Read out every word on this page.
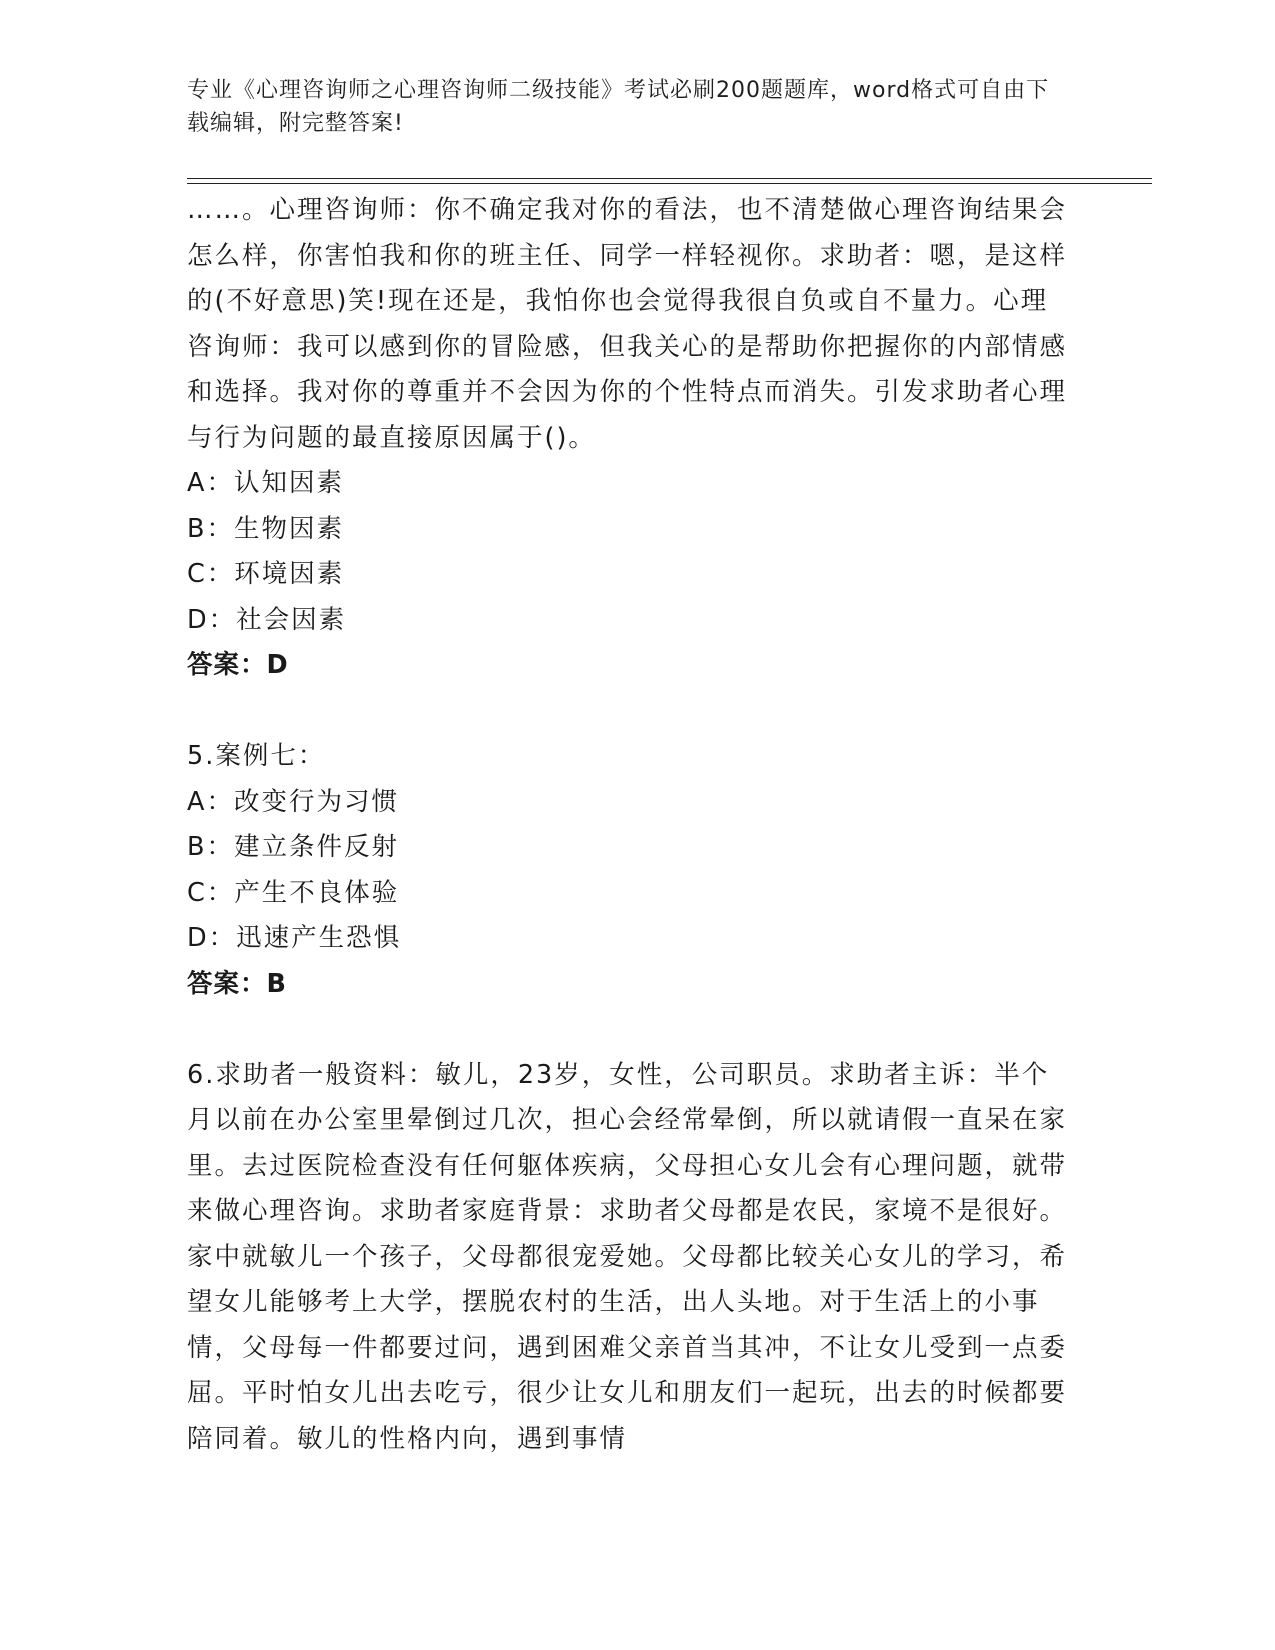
专业《心理咨询师之心理咨询师二级技能》考试必刷200题题库，word格式可自由下载编辑，附完整答案!

……。心理咨询师：你不确定我对你的看法，也不清楚做心理咨询结果会怎么样，你害怕我和你的班主任、同学一样轻视你。求助者：嗯，是这样的(不好意思)笑!现在还是，我怕你也会觉得我很自负或自不量力。心理咨询师：我可以感到你的冒险感，但我关心的是帮助你把握你的内部情感和选择。我对你的尊重并不会因为你的个性特点而消失。引发求助者心理与行为问题的最直接原因属于()。

A：认知因素

B：生物因素

C：环境因素

D：社会因素

答案：D

5.案例七：

A：改变行为习惯

B：建立条件反射

C：产生不良体验

D：迅速产生恐惧

答案：B

6.求助者一般资料：敏儿，23岁，女性，公司职员。求助者主诉：半个月以前在办公室里晕倒过几次，担心会经常晕倒，所以就请假一直呆在家里。去过医院检查没有任何躯体疾病，父母担心女儿会有心理问题，就带来做心理咨询。求助者家庭背景：求助者父母都是农民，家境不是很好。家中就敏儿一个孩子，父母都很宠爱她。父母都比较关心女儿的学习，希望女儿能够考上大学，摆脱农村的生活，出人头地。对于生活上的小事情，父母每一件都要过问，遇到困难父亲首当其冲，不让女儿受到一点委屈。平时怕女儿出去吃亏，很少让女儿和朋友们一起玩，出去的时候都要陪同着。敏儿的性格内向，遇到事情
